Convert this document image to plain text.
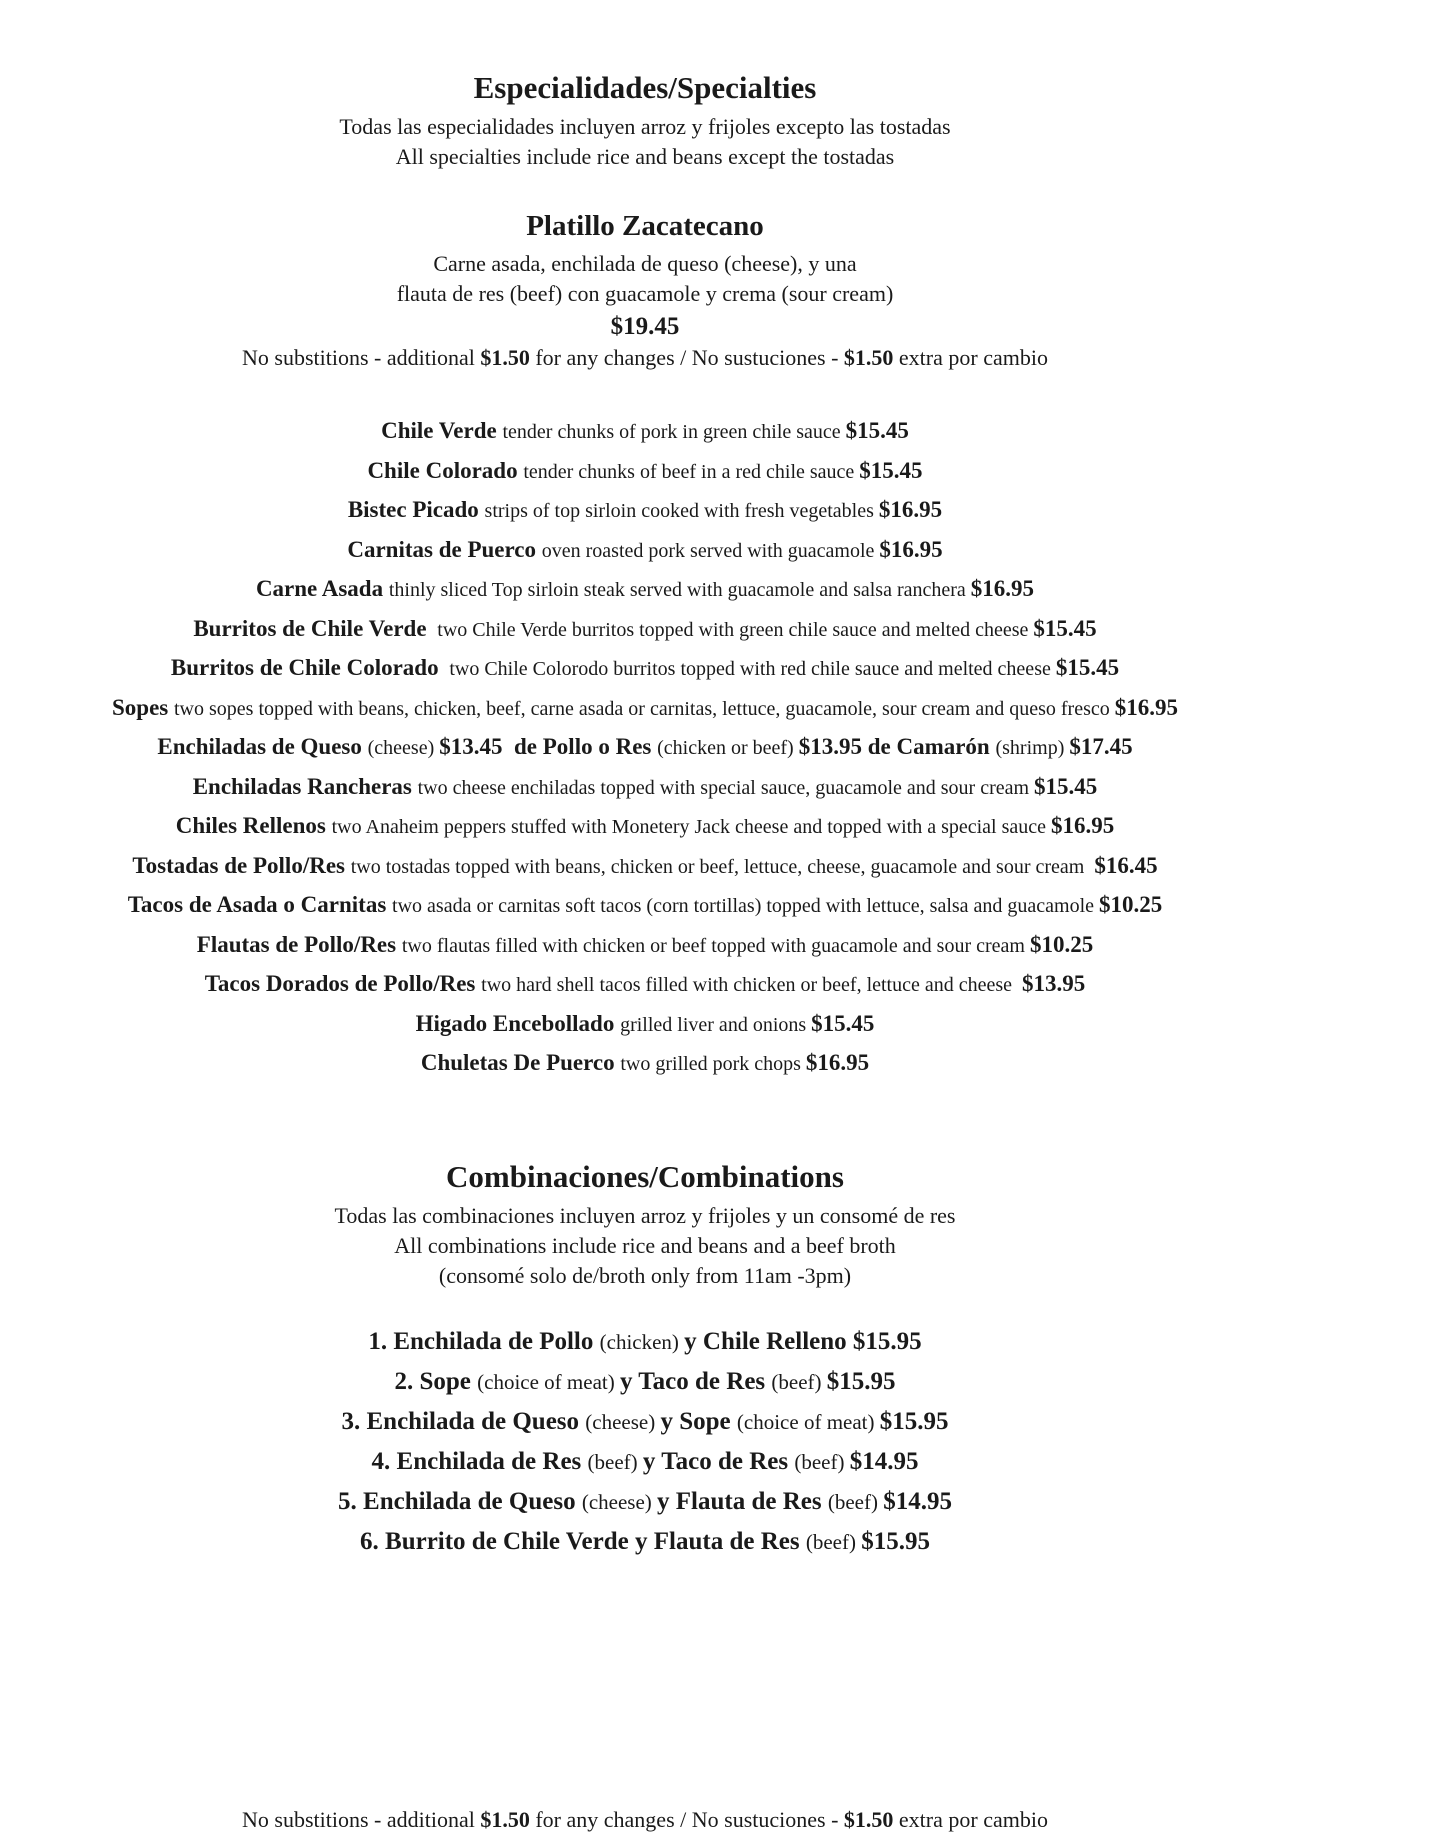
Especialidades/Specialties

Todas las especialidades incluyen arroz y frijoles excepto las tostadas

All specialties include rice and beans except the tostadas

Platillo Zacatecano

Carne asada, enchilada de queso (cheese), y una

flauta de res (beef) con guacamole y crema (sour cream)

$19.45

No substitions - additional $1.50 for any changes / No sustuciones - $1.50 extra por cambio

Chile Verde tender chunks of pork in green chile sauce $15.45

Chile Colorado tender chunks of beef in a red chile sauce $15.45

Bistec Picado strips of top sirloin cooked with fresh vegetables $16.95

Carnitas de Puerco oven roasted pork served with guacamole $16.95

Carne Asada thinly sliced Top sirloin steak served with guacamole and salsa ranchera $16.95

Burritos de Chile Verde  two Chile Verde burritos topped with green chile sauce and melted cheese $15.45

Burritos de Chile Colorado  two Chile Colorodo burritos topped with red chile sauce and melted cheese $15.45

Sopes two sopes topped with beans, chicken, beef, carne asada or carnitas, lettuce, guacamole, sour cream and queso fresco $16.95

Enchiladas de Queso (cheese) $13.45  de Pollo o Res (chicken or beef) $13.95 de Camarón (shrimp) $17.45

Enchiladas Rancheras two cheese enchiladas topped with special sauce, guacamole and sour cream $15.45

Chiles Rellenos two Anaheim peppers stuffed with Monetery Jack cheese and topped with a special sauce $16.95

Tostadas de Pollo/Res two tostadas topped with beans, chicken or beef, lettuce, cheese, guacamole and sour cream  $16.45

Tacos de Asada o Carnitas two asada or carnitas soft tacos (corn tortillas) topped with lettuce, salsa and guacamole $10.25

Flautas de Pollo/Res two flautas filled with chicken or beef topped with guacamole and sour cream $10.25

Tacos Dorados de Pollo/Res two hard shell tacos filled with chicken or beef, lettuce and cheese  $13.95

Higado Encebollado grilled liver and onions $15.45

Chuletas De Puerco two grilled pork chops $16.95

Combinaciones/Combinations

Todas las combinaciones incluyen arroz y frijoles y un consomé de res

All combinations include rice and beans and a beef broth

(consomé solo de/broth only from 11am -3pm)

1. Enchilada de Pollo (chicken) y Chile Relleno $15.95

2. Sope (choice of meat) y Taco de Res (beef) $15.95

3. Enchilada de Queso (cheese) y Sope (choice of meat) $15.95

4. Enchilada de Res (beef) y Taco de Res (beef) $14.95

5. Enchilada de Queso (cheese) y Flauta de Res (beef) $14.95

6. Burrito de Chile Verde y Flauta de Res (beef) $15.95

No substitions - additional $1.50 for any changes / No sustuciones - $1.50 extra por cambio
